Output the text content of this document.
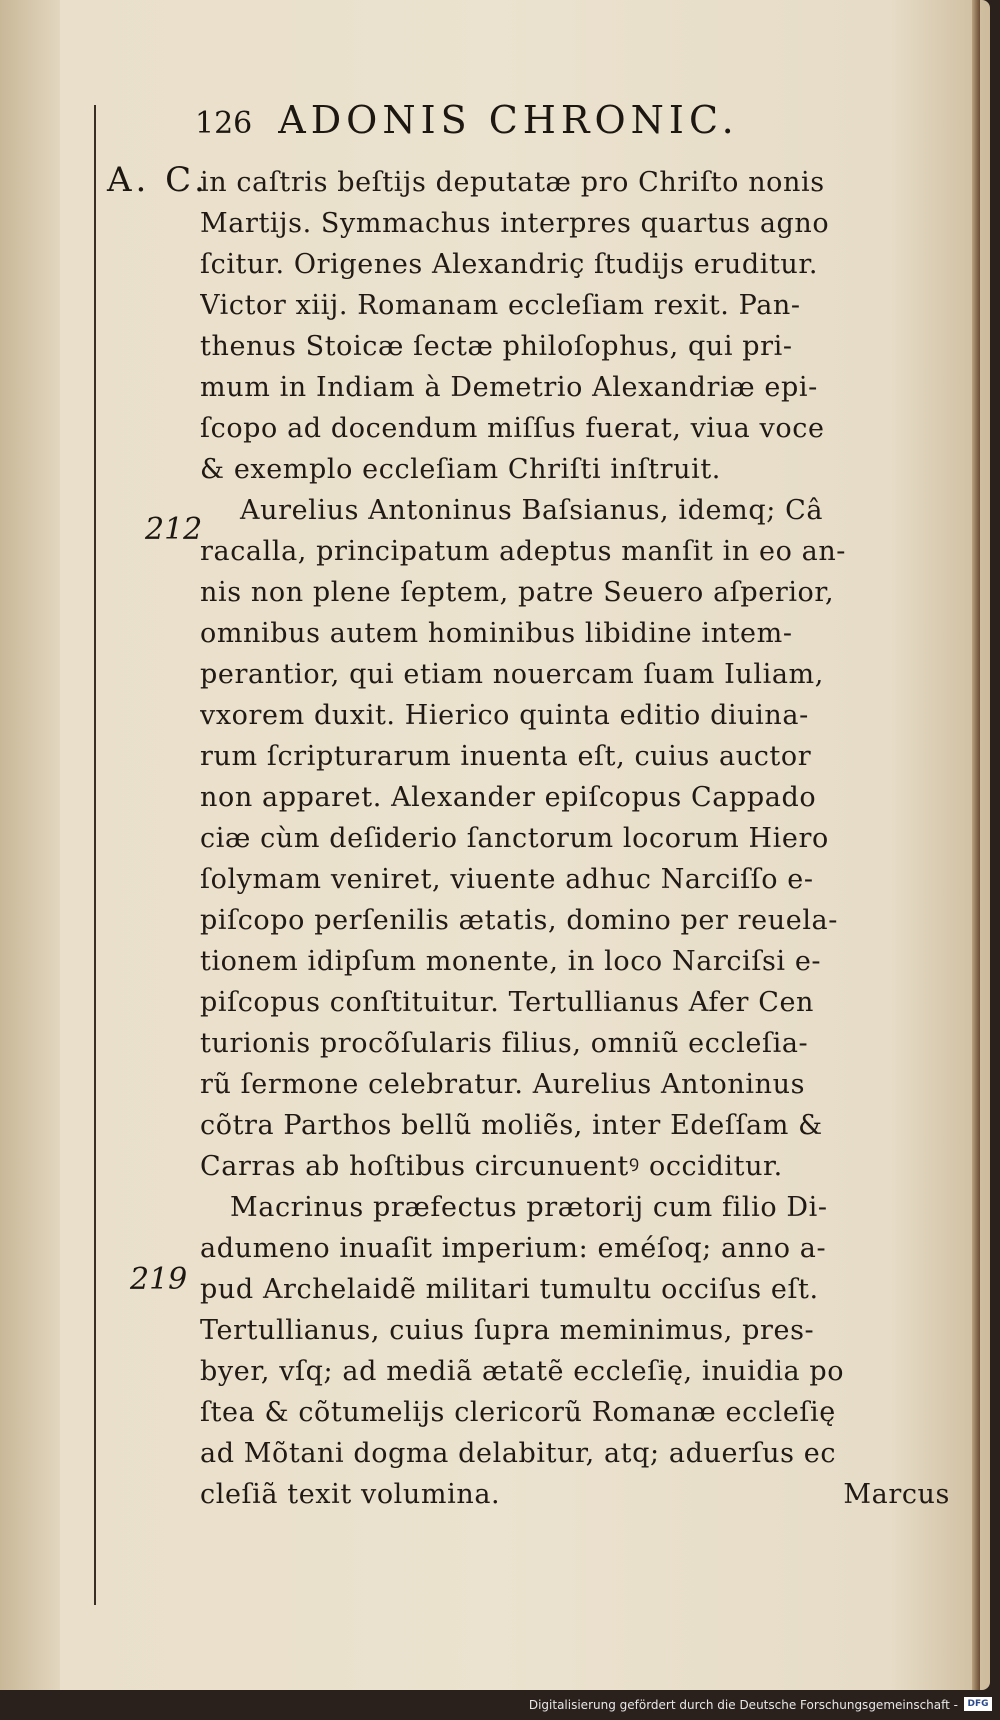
126 ADONIS CHRONIC.
A. C.
212
219
in caſtris beſtijs deputatæ pro Chriſto nonis
Martijs. Symmachus interpres quartus agno
ſcitur. Origenes Alexandriç ſtudijs eruditur.
Victor xiij. Romanam eccleſiam rexit. Pan-
thenus Stoicæ ſectæ philoſophus, qui pri-
mum in Indiam à Demetrio Alexandriæ epi-
ſcopo ad docendum miſſus fuerat, viua voce
& exemplo eccleſiam Chriſti inſtruit.
Aurelius Antoninus Baſsianus, idemq; Câ
racalla, principatum adeptus manſit in eo an-
nis non plene ſeptem, patre Seuero aſperior,
omnibus autem hominibus libidine intem-
perantior, qui etiam nouercam ſuam Iuliam,
vxorem duxit. Hierico quinta editio diuina-
rum ſcripturarum inuenta eſt, cuius auctor
non apparet. Alexander epiſcopus Cappado
ciæ cùm deſiderio ſanctorum locorum Hiero
ſolymam veniret, viuente adhuc Narciſſo e-
piſcopo perſenilis ætatis, domino per reuela-
tionem idipſum monente, in loco Narciſsi e-
piſcopus conſtituitur. Tertullianus Afer Cen
turionis procõſularis filius, omniũ eccleſia-
rũ ſermone celebratur. Aurelius Antoninus
cõtra Parthos bellũ moliẽs, inter Edeſſam &
Carras ab hoſtibus circunuentꝰ occiditur.
Macrinus præfectus prætorij cum filio Di-
adumeno inuaſit imperium: eméſoq; anno a-
pud Archelaidẽ militari tumultu occiſus eſt.
Tertullianus, cuius ſupra meminimus, pres-
byer, vſq; ad mediã ætatẽ eccleſię, inuidia po
ſtea & cõtumelijs clericorũ Romanæ eccleſię
ad Mõtani dogma delabitur, atq; aduerſus ec
cleſiã texit volumina.	Marcus
Digitalisierung gefördert durch die Deutsche Forschungsgemeinschaft -	DFG
